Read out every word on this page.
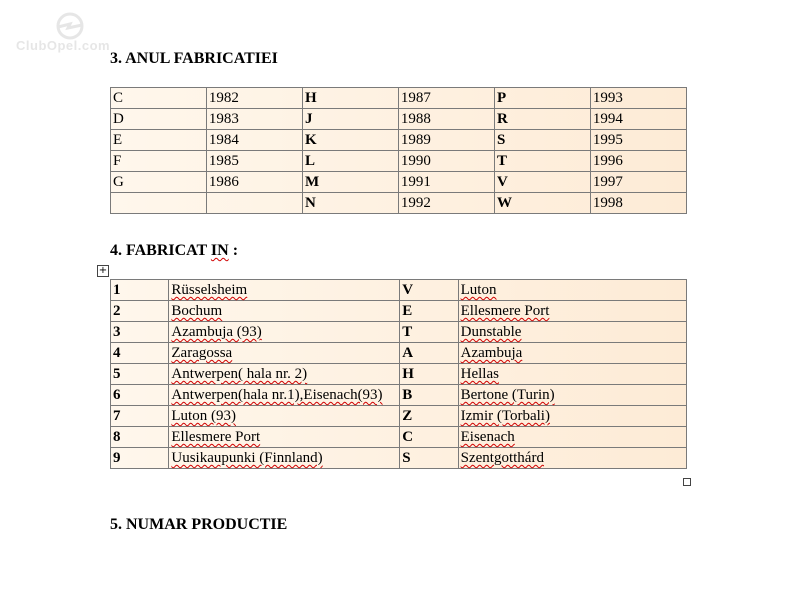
ClubOpel.com
3. ANUL FABRICATIEI
C	1982	H	1987	P	1993
D	1983	J	1988	R	1994
E	1984	K	1989	S	1995
F	1985	L	1990	T	1996
G	1986	M	1991	V	1997
		N	1992	W	1998
4. FABRICAT IN :
+
1	Rüsselsheim	V	Luton
2	Bochum	E	Ellesmere Port
3	Azambuja (93)	T	Dunstable
4	Zaragossa	A	Azambuja
5	Antwerpen( hala nr. 2)	H	Hellas
6	Antwerpen(hala nr.1),Eisenach(93)	B	Bertone (Turin)
7	Luton (93)	Z	Izmir (Torbali)
8	Ellesmere Port	C	Eisenach
9	Uusikaupunki (Finnland)	S	Szentgotthárd
5. NUMAR PRODUCTIE
